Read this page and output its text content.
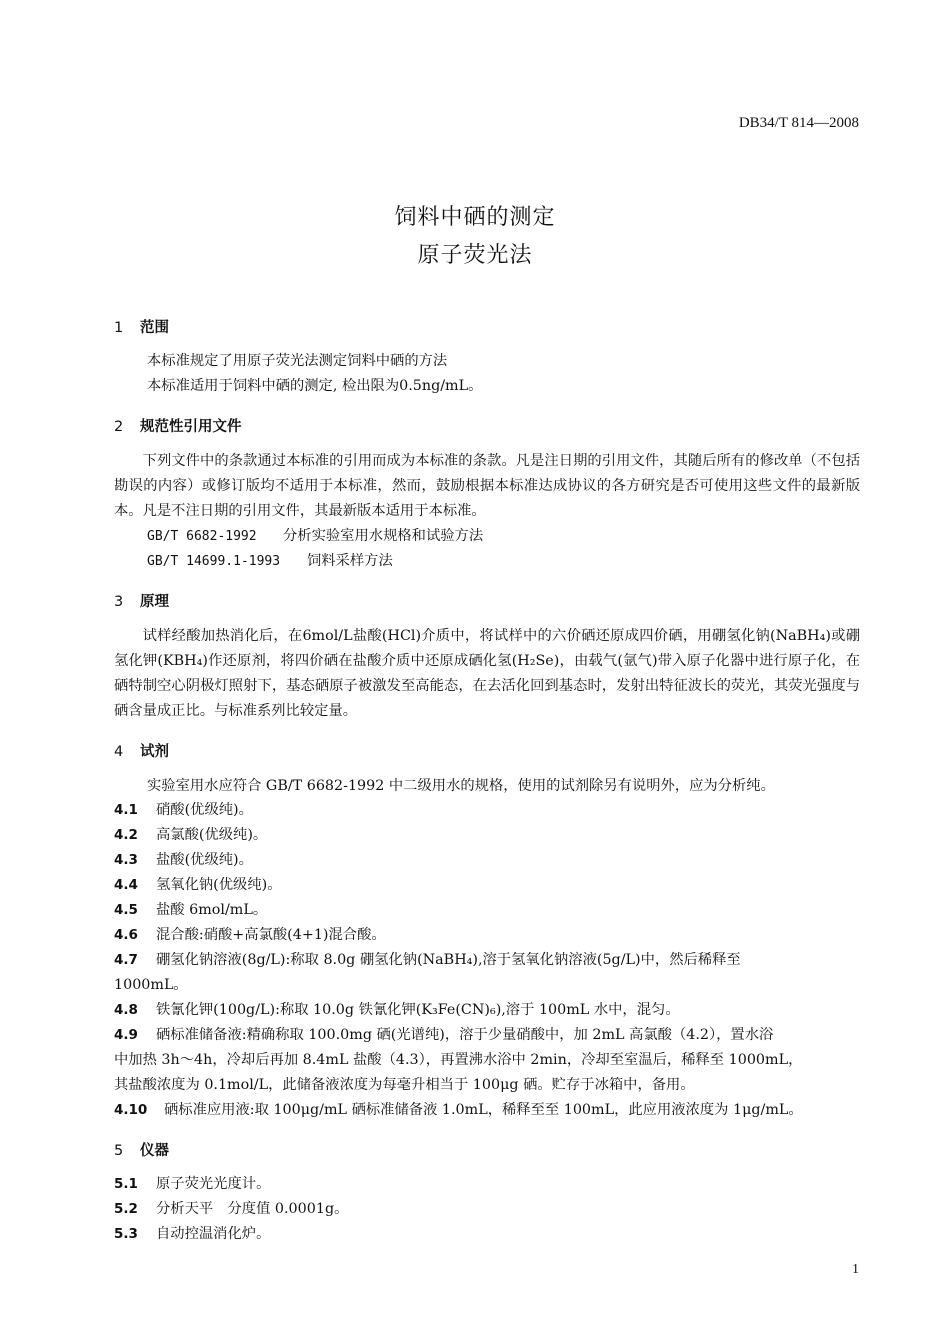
DB34/T 814—2008
饲料中硒的测定
原子荧光法
1 范围
本标准规定了用原子荧光法测定饲料中硒的方法
本标准适用于饲料中硒的测定, 检出限为0.5ng/mL。
2 规范性引用文件
下列文件中的条款通过本标准的引用而成为本标准的条款。凡是注日期的引用文件，其随后所有的修改单（不包括勘误的内容）或修订版均不适用于本标准，然而，鼓励根据本标准达成协议的各方研究是否可使用这些文件的最新版本。凡是不注日期的引用文件，其最新版本适用于本标准。
GB/T 6682-1992 分析实验室用水规格和试验方法
GB/T 14699.1-1993 饲料采样方法
3 原理
试样经酸加热消化后，在6mol/L盐酸(HCl)介质中，将试样中的六价硒还原成四价硒，用硼氢化钠(NaBH₄)或硼氢化钾(KBH₄)作还原剂，将四价硒在盐酸介质中还原成硒化氢(H₂Se)，由载气(氩气)带入原子化器中进行原子化，在硒特制空心阴极灯照射下，基态硒原子被激发至高能态，在去活化回到基态时，发射出特征波长的荧光，其荧光强度与硒含量成正比。与标准系列比较定量。
4 试剂
实验室用水应符合 GB/T 6682-1992 中二级用水的规格，使用的试剂除另有说明外，应为分析纯。
4.1 硝酸(优级纯)。
4.2 高氯酸(优级纯)。
4.3 盐酸(优级纯)。
4.4 氢氧化钠(优级纯)。
4.5 盐酸 6mol/mL。
4.6 混合酸:硝酸+高氯酸(4+1)混合酸。
4.7 硼氢化钠溶液(8g/L):称取 8.0g 硼氢化钠(NaBH₄),溶于氢氧化钠溶液(5g/L)中，然后稀释至
1000mL。
4.8 铁氰化钾(100g/L):称取 10.0g 铁氰化钾(K₃Fe(CN)₆),溶于 100mL 水中，混匀。
4.9 硒标准储备液:精确称取 100.0mg 硒(光谱纯)，溶于少量硝酸中，加 2mL 高氯酸（4.2），置水浴
中加热 3h～4h，冷却后再加 8.4mL 盐酸（4.3），再置沸水浴中 2min，冷却至室温后，稀释至 1000mL，
其盐酸浓度为 0.1mol/L，此储备液浓度为每毫升相当于 100μg 硒。贮存于冰箱中，备用。
4.10 硒标准应用液:取 100μg/mL 硒标准储备液 1.0mL，稀释至至 100mL，此应用液浓度为 1μg/mL。
5 仪器
5.1 原子荧光光度计。
5.2 分析天平　分度值 0.0001g。
5.3 自动控温消化炉。
1
